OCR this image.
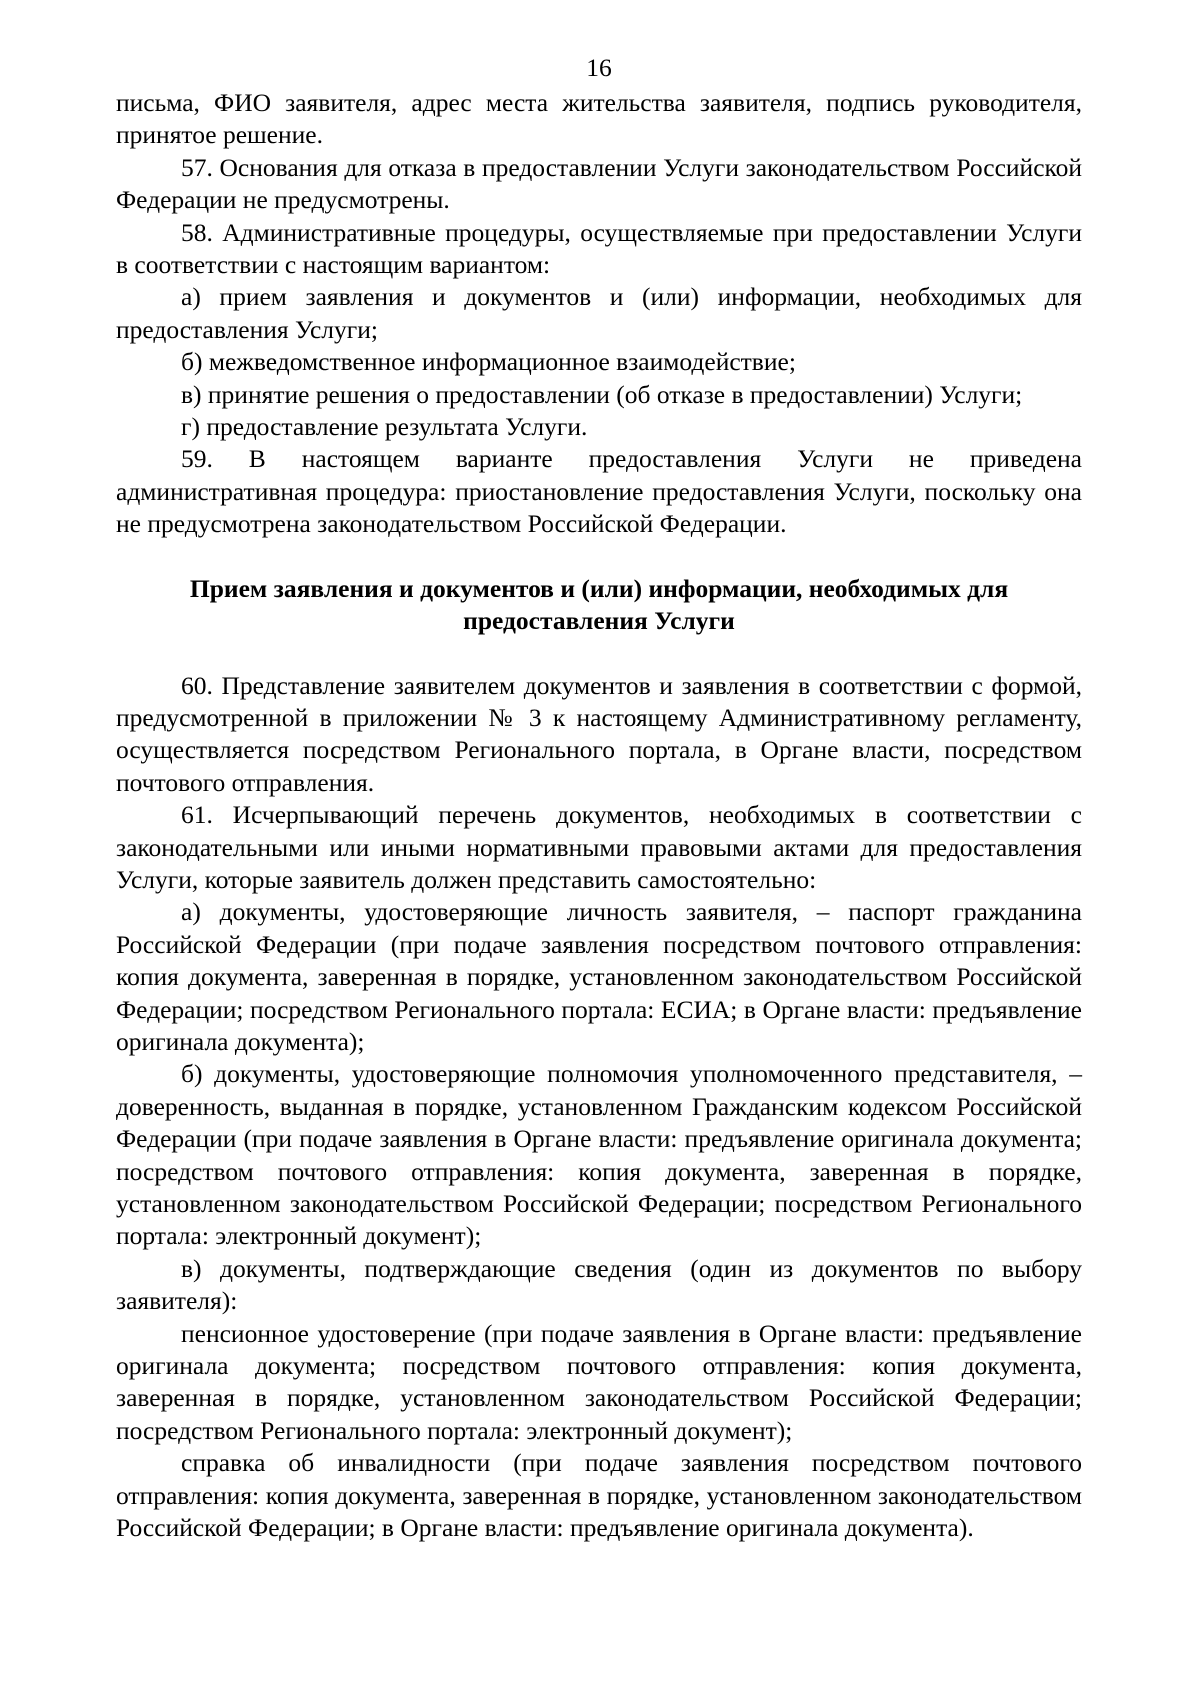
16

письма, ФИО заявителя, адрес места жительства заявителя, подпись руководителя, принятое решение.

57. Основания для отказа в предоставлении Услуги законодательством Российской Федерации не предусмотрены.

58. Административные процедуры, осуществляемые при предоставлении Услуги в соответствии с настоящим вариантом:

а) прием заявления и документов и (или) информации, необходимых для предоставления Услуги;

б) межведомственное информационное взаимодействие;

в) принятие решения о предоставлении (об отказе в предоставлении) Услуги;

г) предоставление результата Услуги.

59. В настоящем варианте предоставления Услуги не приведена административная процедура: приостановление предоставления Услуги, поскольку она не предусмотрена законодательством Российской Федерации.

Прием заявления и документов и (или) информации, необходимых для предоставления Услуги

60. Представление заявителем документов и заявления в соответствии с формой, предусмотренной в приложении № 3 к настоящему Административному регламенту, осуществляется посредством Регионального портала, в Органе власти, посредством почтового отправления.

61. Исчерпывающий перечень документов, необходимых в соответствии с законодательными или иными нормативными правовыми актами для предоставления Услуги, которые заявитель должен представить самостоятельно:

а) документы, удостоверяющие личность заявителя, – паспорт гражданина Российской Федерации (при подаче заявления посредством почтового отправления: копия документа, заверенная в порядке, установленном законодательством Российской Федерации; посредством Регионального портала: ЕСИА; в Органе власти: предъявление оригинала документа);

б) документы, удостоверяющие полномочия уполномоченного представителя, – доверенность, выданная в порядке, установленном Гражданским кодексом Российской Федерации (при подаче заявления в Органе власти: предъявление оригинала документа; посредством почтового отправления: копия документа, заверенная в порядке, установленном законодательством Российской Федерации; посредством Регионального портала: электронный документ);

в) документы, подтверждающие сведения (один из документов по выбору заявителя):

пенсионное удостоверение (при подаче заявления в Органе власти: предъявление оригинала документа; посредством почтового отправления: копия документа, заверенная в порядке, установленном законодательством Российской Федерации; посредством Регионального портала: электронный документ);

справка об инвалидности (при подаче заявления посредством почтового отправления: копия документа, заверенная в порядке, установленном законодательством Российской Федерации; в Органе власти: предъявление оригинала документа).
